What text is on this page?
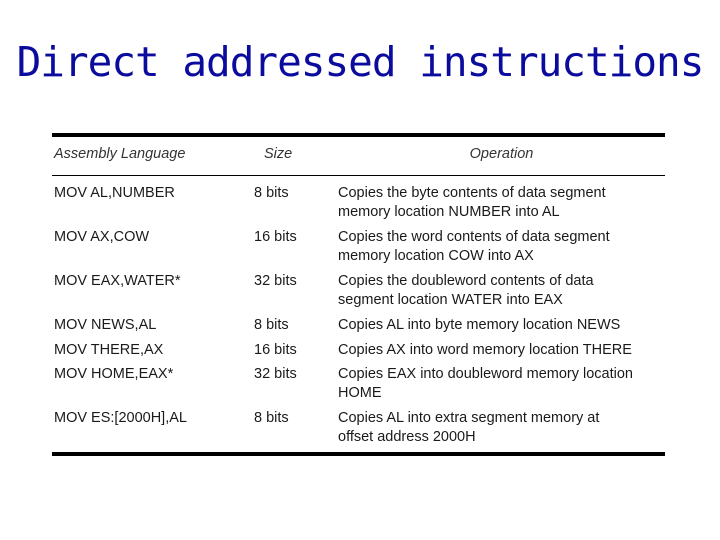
Direct addressed instructions
Assembly Language	Size	Operation
MOV AL,NUMBER	8 bits	Copies the byte contents of data segment
memory location NUMBER into AL
MOV AX,COW	16 bits	Copies the word contents of data segment
memory location COW into AX
MOV EAX,WATER*	32 bits	Copies the doubleword contents of data
segment location WATER into EAX
MOV NEWS,AL	8 bits	Copies AL into byte memory location NEWS
MOV THERE,AX	16 bits	Copies AX into word memory location THERE
MOV HOME,EAX*	32 bits	Copies EAX into doubleword memory location
HOME
MOV ES:[2000H],AL	8 bits	Copies AL into extra segment memory at
offset address 2000H
